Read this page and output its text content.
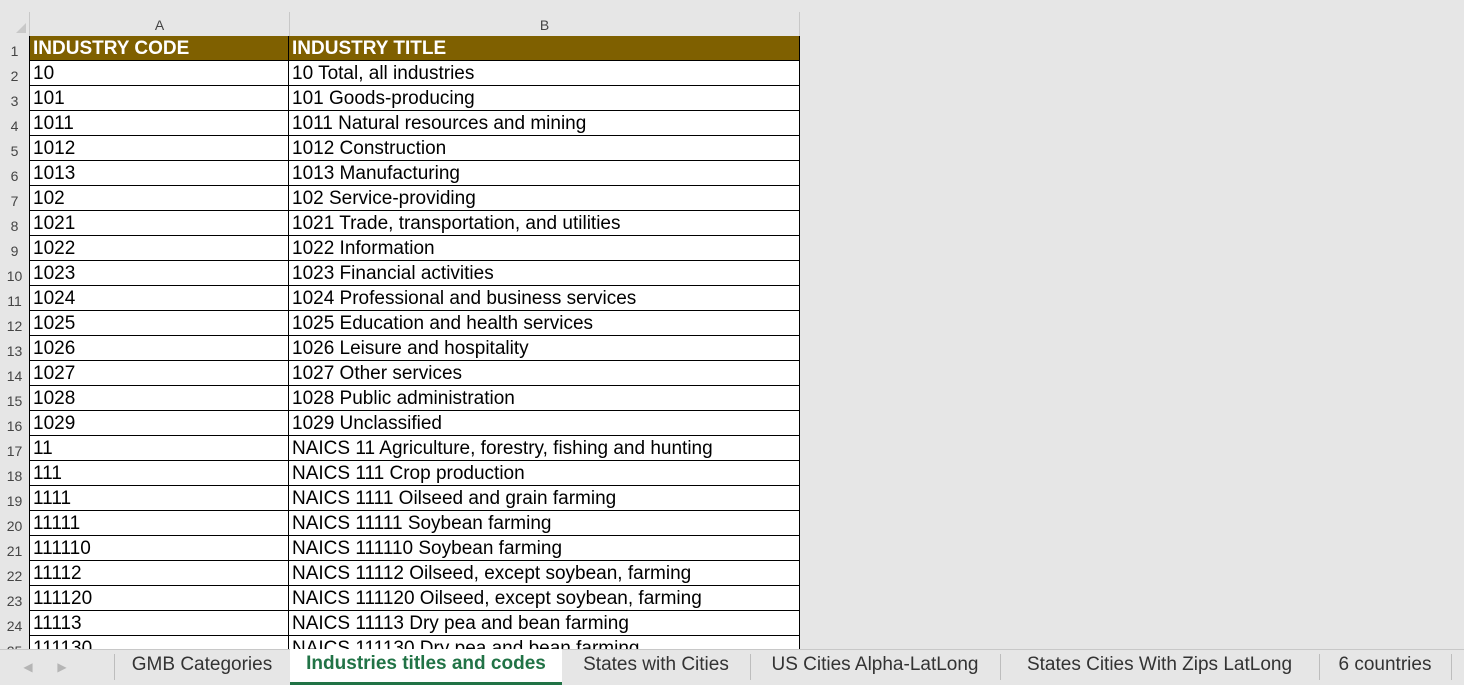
A	B
1 INDUSTRY CODE	INDUSTRY TITLE
2 10	10 Total, all industries
3 101	101 Goods-producing
4 1011	1011 Natural resources and mining
5 1012	1012 Construction
6 1013	1013 Manufacturing
7 102	102 Service-providing
8 1021	1021 Trade, transportation, and utilities
9 1022	1022 Information
10 1023	1023 Financial activities
11 1024	1024 Professional and business services
12 1025	1025 Education and health services
13 1026	1026 Leisure and hospitality
14 1027	1027 Other services
15 1028	1028 Public administration
16 1029	1029 Unclassified
17 11	NAICS 11 Agriculture, forestry, fishing and hunting
18 111	NAICS 111 Crop production
19 1111	NAICS 1111 Oilseed and grain farming
20 11111	NAICS 11111 Soybean farming
21 111110	NAICS 111110 Soybean farming
22 11112	NAICS 11112 Oilseed, except soybean, farming
23 111120	NAICS 111120 Oilseed, except soybean, farming
24 11113	NAICS 11113 Dry pea and bean farming
◀ ▶	GMB Categories	Industries titles and codes	States with Cities	US Cities Alpha-LatLong	States Cities With Zips LatLong	6 countries
